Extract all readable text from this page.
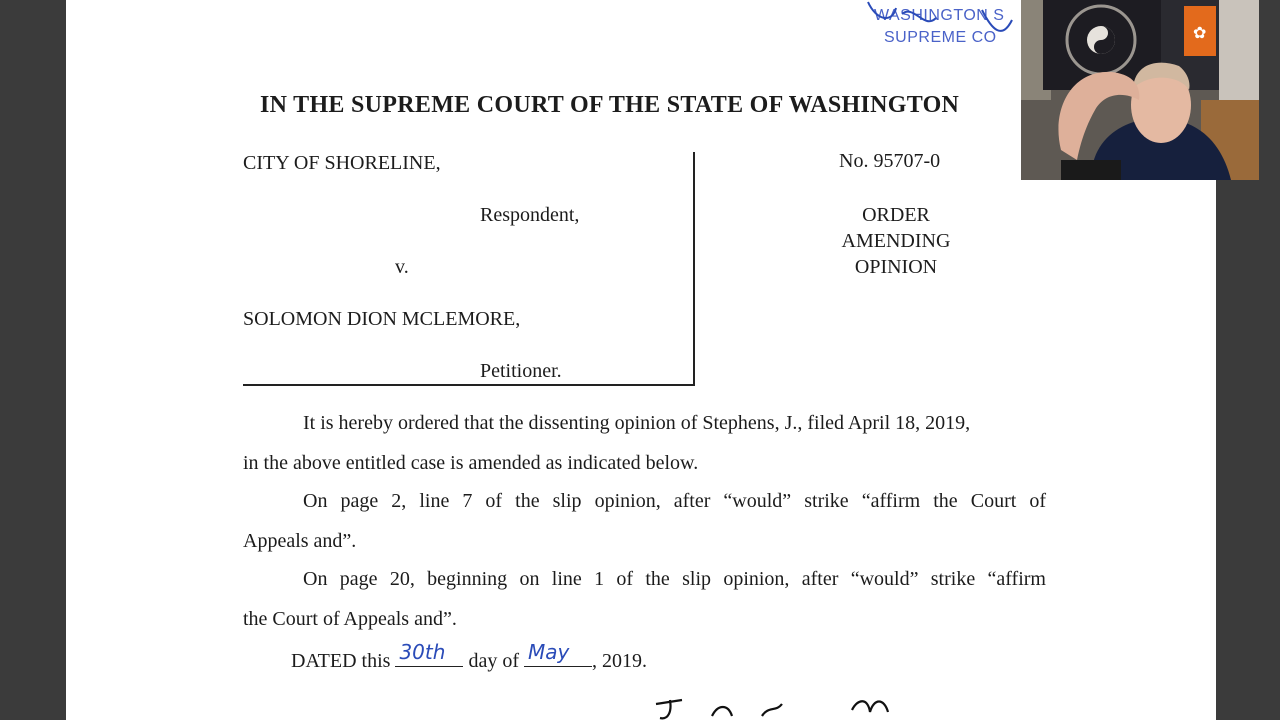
WASHINGTON S
SUPREME CO
IN THE SUPREME COURT OF THE STATE OF WASHINGTON
CITY OF SHORELINE,
Respondent,
v.
SOLOMON DION MCLEMORE,
Petitioner.
No. 95707-0
ORDER
AMENDING
OPINION
It is hereby ordered that the dissenting opinion of Stephens, J., filed April 18, 2019,
in the above entitled case is amended as indicated below.
On page 2, line 7 of the slip opinion, after “would” strike “affirm the Court of
Appeals and”.
On page 20, beginning on line 1 of the slip opinion, after “would” strike “affirm
the Court of Appeals and”.
DATED this 30th day of May , 2019.
✿
